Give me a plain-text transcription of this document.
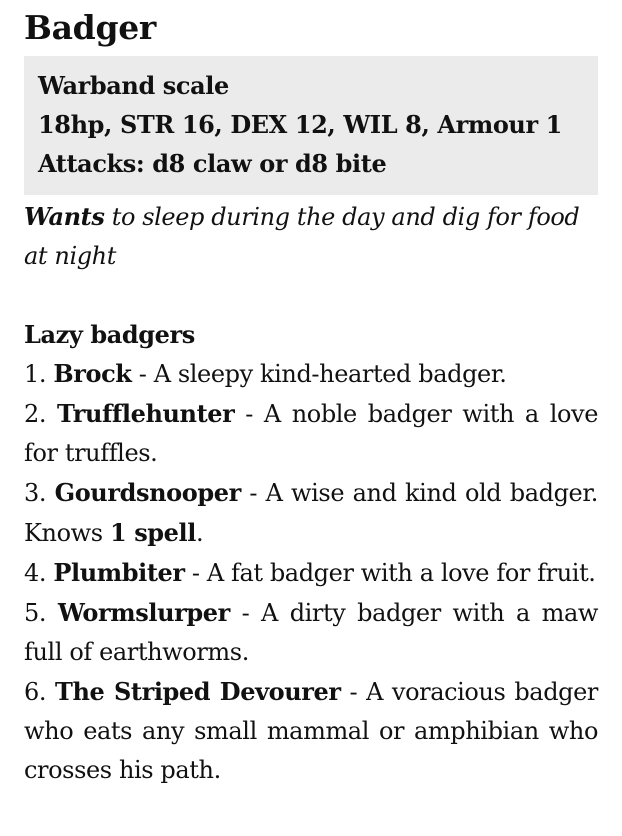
Badger
Warband scale
18hp, STR 16, DEX 12, WIL 8, Armour 1
Attacks: d8 claw or d8 bite

Wants to sleep during the day and dig for food at night

Lazy badgers
1. Brock - A sleepy kind-hearted badger.
2. Trufflehunter - A noble badger with a love for truffles.
3. Gourdsnooper - A wise and kind old badger. Knows 1 spell.
4. Plumbiter - A fat badger with a love for fruit.
5. Wormslurper - A dirty badger with a maw full of earthworms.
6. The Striped Devourer - A voracious badger who eats any small mammal or amphibian who crosses his path.
